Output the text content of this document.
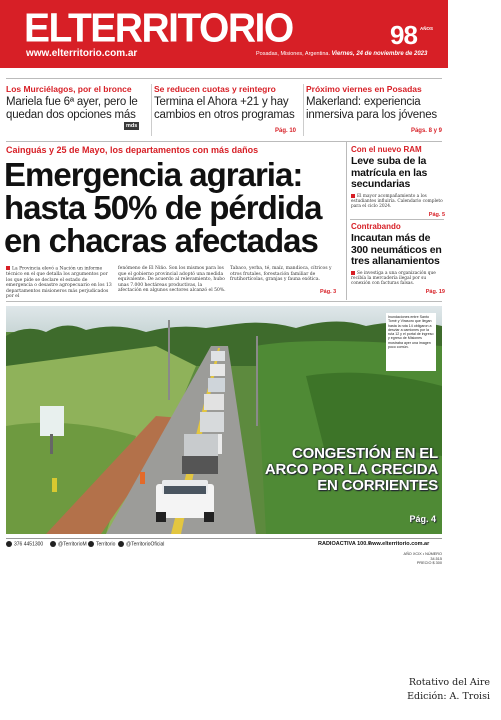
ELTERRITORIO
www.elterritorio.com.ar	Posadas, Misiones, Argentina. Viernes, 24 de noviembre de 2023
98 AÑOS
Los Murciélagos, por el bronce
Mariela fue 6ª ayer, pero le quedan dos opciones más
mds
Se reducen cuotas y reintegro
Termina el Ahora +21 y hay cambios en otros programas
Pág. 10
Próximo viernes en Posadas
Makerland: experiencia inmersiva para los jóvenes
Págs. 8 y 9
Cainguás y 25 de Mayo, los departamentos con más daños
Emergencia agraria: hasta 50% de pérdida en chacras afectadas
La Provincia elevó a Nación un informe técnico en el que detalla los argumentos por los que pide se declare el estado de emergencia o desastre agropecuario en los 13 departamentos misioneros más perjudicados por el
fenómeno de El Niño. Son los mismos para los que el gobierno provincial adoptó una medida equivalente. De acuerdo al relevamiento, hubo unas 7.000 hectáreas productivas, la afectación en algunos sectores alcanzó el 50%.
Tabaco, yerba, té, maíz, mandioca, cítricos y otros frutales, forestación familiar de frutihortícolas, granjas y fauna exótica.
Pág. 3
Con el nuevo RAM
Leve suba de la matrícula en las secundarias
El mayor acompañamiento a los estudiantes influiría. Calendario completo para el ciclo 2024.
Pág. 5
Contrabando
Incautan más de 300 neumáticos en tres allanamientos
Se investiga a una organización que recibía la mercadería ilegal por su conexión con facturas falsas.
Pág. 19
Inundaciones entre Santo Tomé y Virasoro que llegan hasta la ruta 14 obligaron a desviar a camiones por la ruta 12 y el portal de ingreso y egreso de Misiones mostraba ayer una imagen poco común.
CONGESTIÓN EN EL ARCO POR LA CRECIDA EN CORRIENTES
Pág. 4
376 4451300	@TerritorioM	Territorio	@TerritorioOficial	RADIOACTIVA 100.7
www.elterritorio.com.ar
AÑO XCIX • NÚMERO 34.515
PRECIO $ 300
Rotativo del Aire
Edición: A. Troisi
